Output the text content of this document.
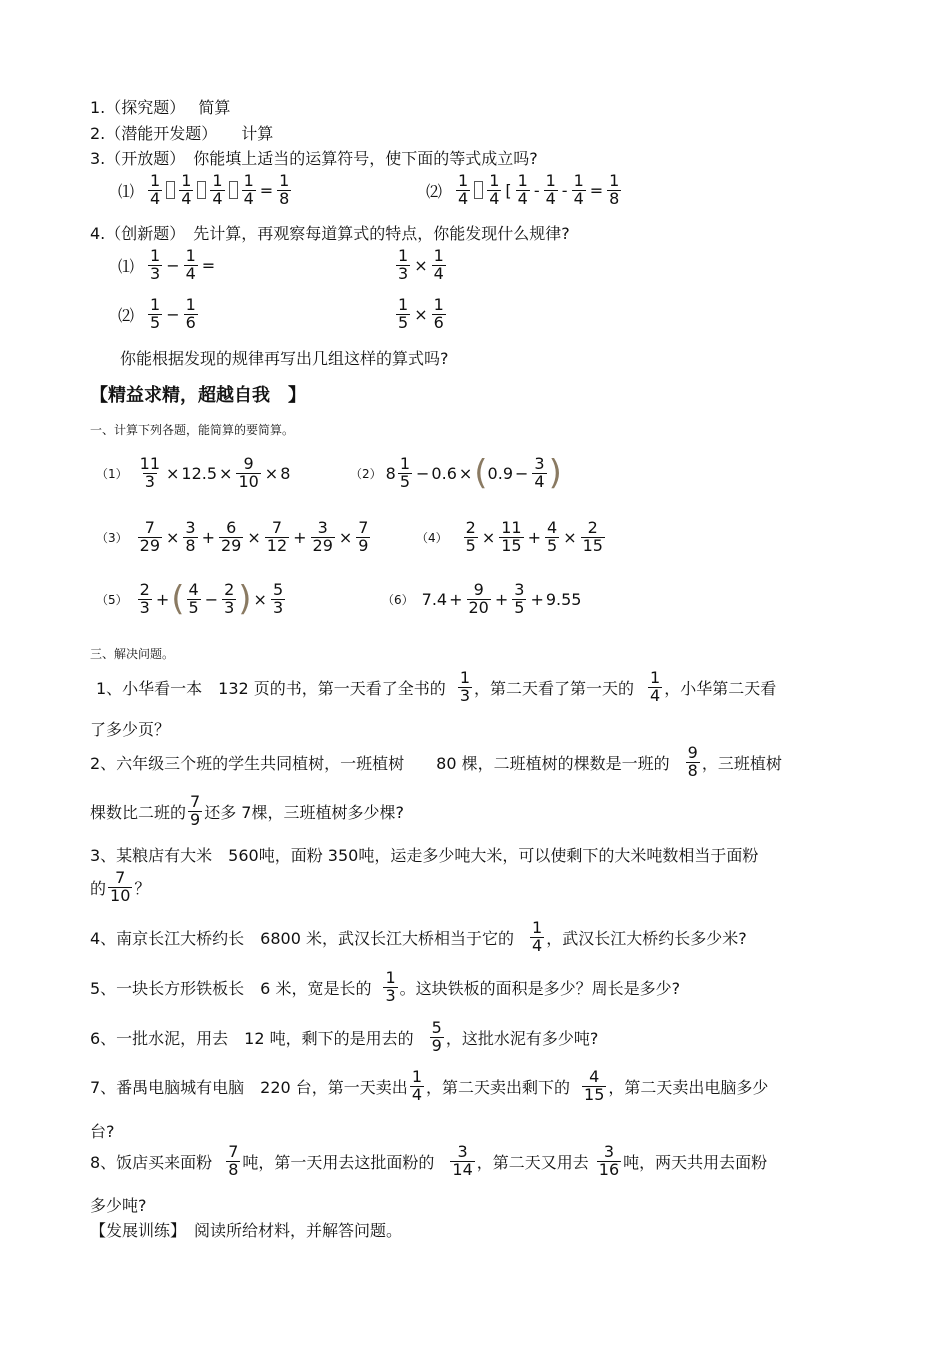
1.（探究题）　 简算
2.（潜能开发题）　　计算
3.（开放题）　你能填上适当的运算符号，使下面的等式成立吗?
⑴ $\frac{1}{4} \frac{1}{4} \frac{1}{4} \frac{1}{4} = \frac{1}{8}$	⑵ $\frac{1}{4} \frac{1}{4}$ [ $\frac{1}{4} - \frac{1}{4} - \frac{1}{4} = \frac{1}{8}$
4.（创新题）　先计算，再观察每道算式的特点，你能发现什么规律?
⑴ $\frac{1}{3} - \frac{1}{4}$ =	$\frac{1}{3} \times \frac{1}{4}$
⑵ $\frac{1}{5} - \frac{1}{6}$	$\frac{1}{5} \times \frac{1}{6}$
你能根据发现的规律再写出几组这样的算式吗?
【精益求精，超越自我　】
一、计算下列各题，能简算的要简算。
$(1) \frac{11}{3} \times 12.5 \times \frac{9}{10} \times 8$	（2） $8 \frac{1}{5} - 0.6$ × ( $0.9 - \frac{3}{4}$ )
$(3) \frac{7}{29} \times \frac{3}{8} + \frac{6}{29} \times \frac{7}{12} + \frac{3}{29} \times \frac{7}{9}$	$(4) \frac{2}{5} \times \frac{11}{15} + \frac{4}{5} \times \frac{2}{15}$
$(5) \frac{2}{3}$ + ( $\frac{4}{5} - \frac{2}{3}$ ) × $\frac{5}{3}$	（6） $7.4 + \frac{9}{20} + \frac{3}{5} + 9.55$
三、解决问题。
1、小华看一本　132 页的书，第一天看了全书的 $\frac{1}{3}$ ，第二天看了第一天的 $\frac{1}{4}$ ，小华第二天看
了多少页？
2、六年级三个班的学生共同植树，一班植树　　80 棵，二班植树的棵数是一班的 $\frac{9}{8}$ ，三班植树
棵数比二班的 $\frac{7}{9}$ 还多 7棵，三班植树多少棵?
3、某粮店有大米　560吨，面粉 350吨，运走多少吨大米，可以使剩下的大米吨数相当于面粉
的 $\frac{7}{10}$ ？
4、南京长江大桥约长　6800 米，武汉长江大桥相当于它的 $\frac{1}{4}$ ，武汉长江大桥约长多少米?
5、一块长方形铁板长　6 米，宽是长的 $\frac{1}{3}$ 。这块铁板的面积是多少？周长是多少?
6、一批水泥，用去　12 吨，剩下的是用去的 $\frac{5}{9}$ ，这批水泥有多少吨?
7、番禺电脑城有电脑　220 台，第一天卖出 $\frac{1}{4}$ ，第二天卖出剩下的 $\frac{4}{15}$ ，第二天卖出电脑多少
台?
8、饭店买来面粉 $\frac{7}{8}$ 吨，第一天用去这批面粉的 $\frac{3}{14}$ ，第二天又用去 $\frac{3}{16}$ 吨，两天共用去面粉
多少吨?
【发展训练】　阅读所给材料，并解答问题。
